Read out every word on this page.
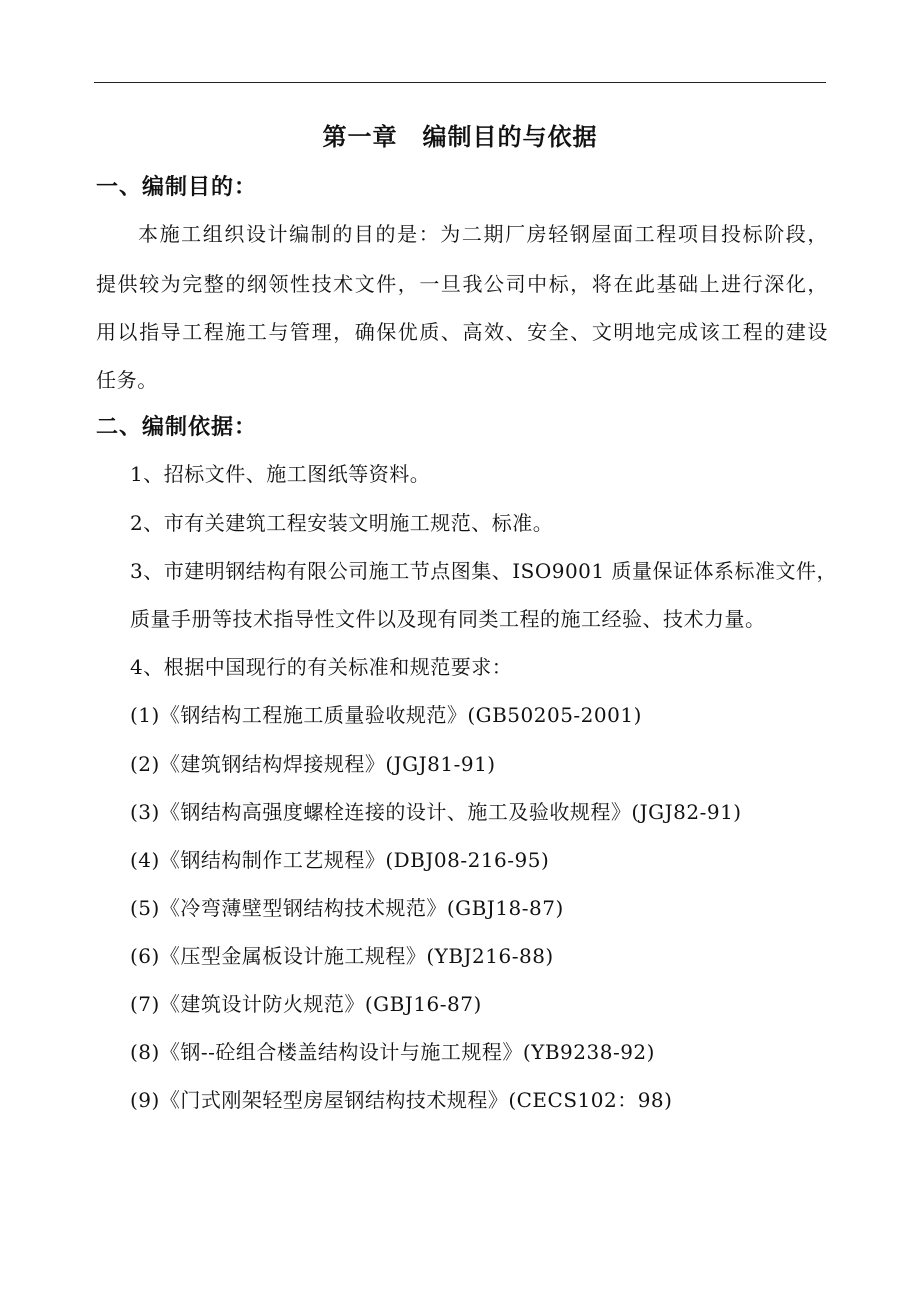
第一章　编制目的与依据
一、编制目的：
本施工组织设计编制的目的是：为二期厂房轻钢屋面工程项目投标阶段，
提供较为完整的纲领性技术文件，一旦我公司中标，将在此基础上进行深化，
用以指导工程施工与管理，确保优质、高效、安全、文明地完成该工程的建设
任务。
二、编制依据：
1、招标文件、施工图纸等资料。
2、市有关建筑工程安装文明施工规范、标准。
3、市建明钢结构有限公司施工节点图集、ISO9001 质量保证体系标准文件，
质量手册等技术指导性文件以及现有同类工程的施工经验、技术力量。
4、根据中国现行的有关标准和规范要求：
(1)《钢结构工程施工质量验收规范》(GB50205-2001)
(2)《建筑钢结构焊接规程》(JGJ81-91)
(3)《钢结构高强度螺栓连接的设计、施工及验收规程》(JGJ82-91)
(4)《钢结构制作工艺规程》(DBJ08-216-95)
(5)《冷弯薄壁型钢结构技术规范》(GBJ18-87)
(6)《压型金属板设计施工规程》(YBJ216-88)
(7)《建筑设计防火规范》(GBJ16-87)
(8)《钢--砼组合楼盖结构设计与施工规程》(YB9238-92)
(9)《门式刚架轻型房屋钢结构技术规程》(CECS102：98)
